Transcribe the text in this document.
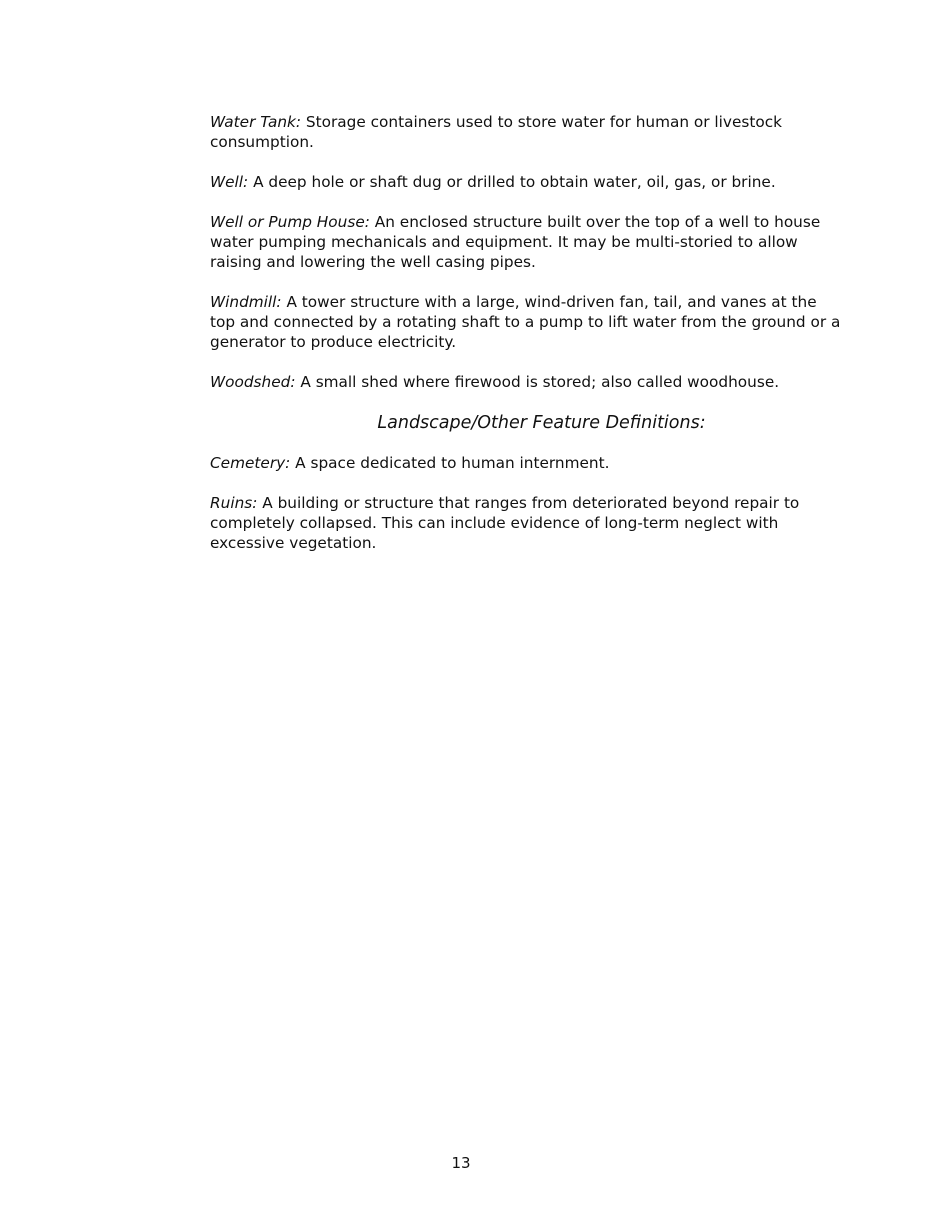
Water Tank: Storage containers used to store water for human or livestock consumption.

Well: A deep hole or shaft dug or drilled to obtain water, oil, gas, or brine.

Well or Pump House: An enclosed structure built over the top of a well to house water pumping mechanicals and equipment. It may be multi-storied to allow raising and lowering the well casing pipes.

Windmill: A tower structure with a large, wind-driven fan, tail, and vanes at the top and connected by a rotating shaft to a pump to lift water from the ground or a generator to produce electricity.

Woodshed: A small shed where firewood is stored; also called woodhouse.

Landscape/Other Feature Definitions:

Cemetery: A space dedicated to human internment.

Ruins: A building or structure that ranges from deteriorated beyond repair to completely collapsed. This can include evidence of long-term neglect with excessive vegetation.

13
